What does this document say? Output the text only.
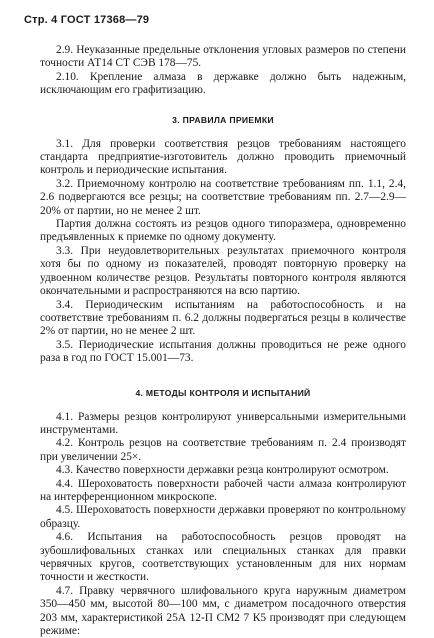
Стр. 4 ГОСТ 17368—79

2.9. Неуказанные предельные отклонения угловых размеров по степени точности АТ14 СТ СЭВ 178—75.

2.10. Крепление алмаза в державке должно быть надежным, исключающим его графитизацию.

3. ПРАВИЛА ПРИЕМКИ

3.1. Для проверки соответствия резцов требованиям настоящего стандарта предприятие-изготовитель должно проводить приемочный контроль и периодические испытания.

3.2. Приемочному контролю на соответствие требованиям пп. 1.1, 2.4, 2.6 подвергаются все резцы; на соответствие требованиям пп. 2.7—2.9—20% от партии, но не менее 2 шт.

Партия должна состоять из резцов одного типоразмера, одновременно предъявленных к приемке по одному документу.

3.3. При неудовлетворительных результатах приемочного контроля хотя бы по одному из показателей, проводят повторную проверку на удвоенном количестве резцов. Результаты повторного контроля являются окончательными и распространяются на всю партию.

3.4. Периодическим испытаниям на работоспособность и на соответствие требованиям п. 6.2 должны подвергаться резцы в количестве 2% от партии, но не менее 2 шт.

3.5. Периодические испытания должны проводиться не реже одного раза в год по ГОСТ 15.001—73.

4. МЕТОДЫ КОНТРОЛЯ И ИСПЫТАНИЙ

4.1. Размеры резцов контролируют универсальными измерительными инструментами.

4.2. Контроль резцов на соответствие требованиям п. 2.4 производят при увеличении 25×.

4.3. Качество поверхности державки резца контролируют осмотром.

4.4. Шероховатость поверхности рабочей части алмаза контролируют на интерференционном микроскопе.

4.5. Шероховатость поверхности державки проверяют по контрольному образцу.

4.6. Испытания на работоспособность резцов проводят на зубошлифовальных станках или специальных станках для правки червячных кругов, соответствующих установленным для них нормам точности и жесткости.

4.7. Правку червячного шлифовального круга наружным диаметром 350—450 мм, высотой 80—100 мм, с диаметром посадочного отверстия 203 мм, характеристикой 25А 12-П СМ2 7 К5 производят при следующем режиме:
